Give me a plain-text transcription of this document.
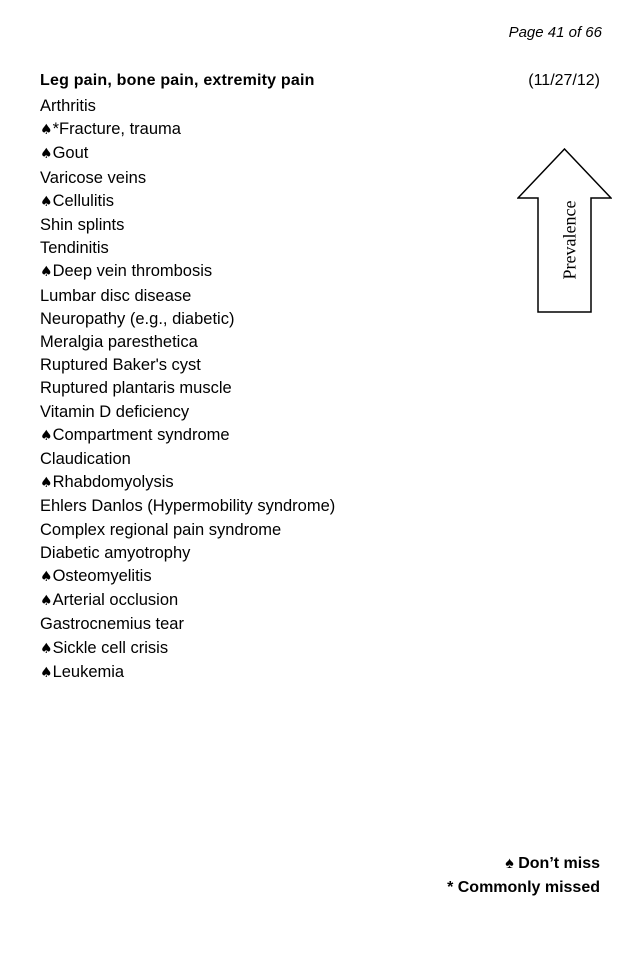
Page 41 of 66
Leg pain, bone pain, extremity pain	(11/27/12)
Arthritis
♠*Fracture, trauma
♠Gout
Varicose veins
♠Cellulitis
Shin splints
Tendinitis
♠Deep vein thrombosis
Lumbar disc disease
Neuropathy (e.g., diabetic)
Meralgia paresthetica
Ruptured Baker's cyst
Ruptured plantaris muscle
Vitamin D deficiency
♠Compartment syndrome
Claudication
♠Rhabdomyolysis
Ehlers Danlos (Hypermobility syndrome)
Complex regional pain syndrome
Diabetic amyotrophy
♠Osteomyelitis
♠Arterial occlusion
Gastrocnemius tear
♠Sickle cell crisis
♠Leukemia
Prevalence
♠ Don’t miss
* Commonly missed
